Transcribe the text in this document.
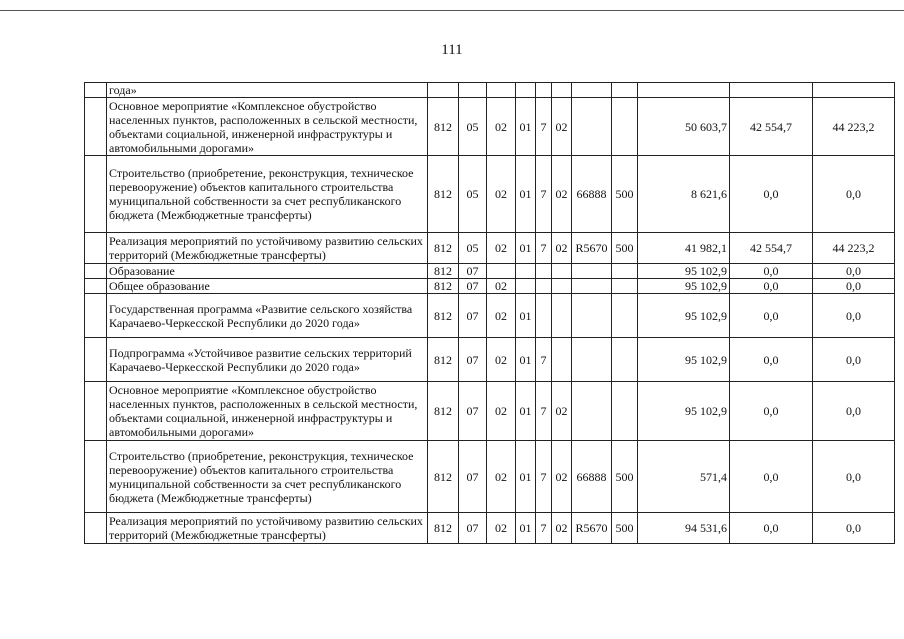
111
	года»											
	Основное мероприятие «Комплексное обустройство населенных пунктов, расположенных в сельской местности, объектами социальной, инженерной инфраструктуры и автомобильными дорогами»	812	05	02	01	7	02			50 603,7	42 554,7	44 223,2
	Строительство (приобретение, реконструкция, техническое перевооружение) объектов капитального строительства муниципальной собственности за счет республиканского бюджета (Межбюджетные трансферты)	812	05	02	01	7	02	66888	500	8 621,6	0,0	0,0
	Реализация мероприятий по устойчивому развитию сельских территорий (Межбюджетные трансферты)	812	05	02	01	7	02	R5670	500	41 982,1	42 554,7	44 223,2
	Образование	812	07							95 102,9	0,0	0,0
	Общее образование	812	07	02						95 102,9	0,0	0,0
	Государственная программа «Развитие сельского хозяйства Карачаево-Черкесской Республики до 2020 года»	812	07	02	01					95 102,9	0,0	0,0
	Подпрограмма «Устойчивое развитие сельских территорий Карачаево-Черкесской Республики до 2020 года»	812	07	02	01	7				95 102,9	0,0	0,0
	Основное мероприятие «Комплексное обустройство населенных пунктов, расположенных в сельской местности, объектами социальной, инженерной инфраструктуры и автомобильными дорогами»	812	07	02	01	7	02			95 102,9	0,0	0,0
	Строительство (приобретение, реконструкция, техническое перевооружение) объектов капитального строительства муниципальной собственности за счет республиканского бюджета (Межбюджетные трансферты)	812	07	02	01	7	02	66888	500	571,4	0,0	0,0
	Реализация мероприятий по устойчивому развитию сельских территорий (Межбюджетные трансферты)	812	07	02	01	7	02	R5670	500	94 531,6	0,0	0,0
